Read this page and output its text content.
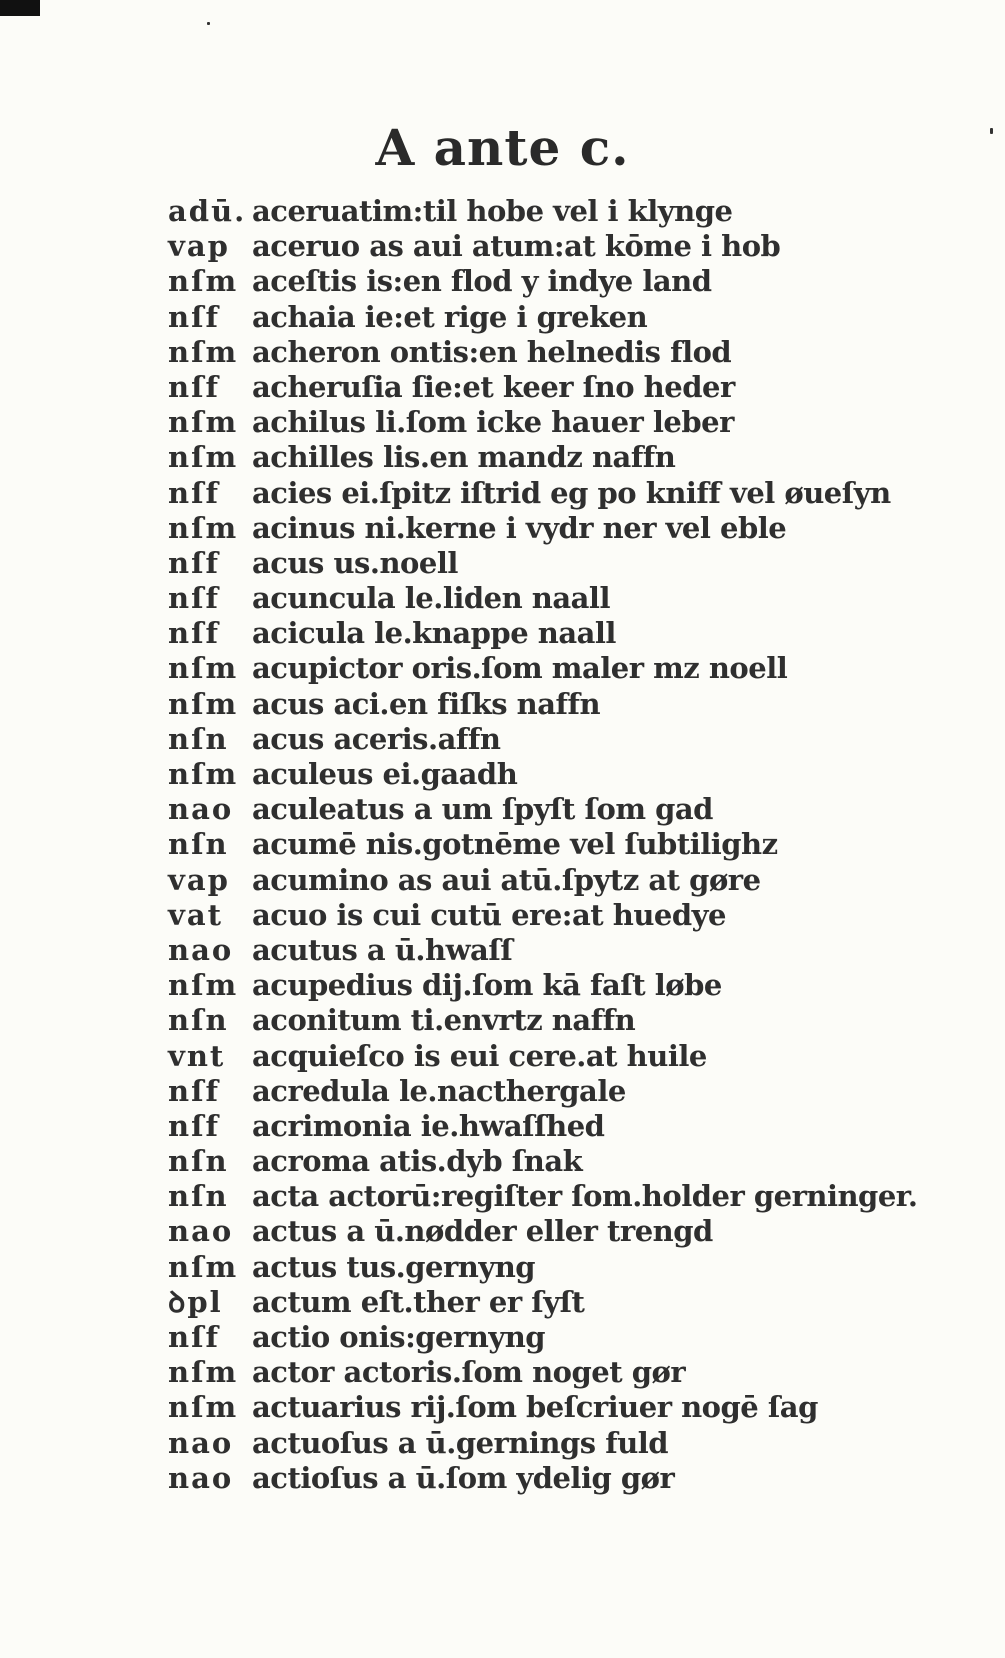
A ante c.
adū. aceruatim:til hobe vel i klynge
vap aceruo as aui atum:at kōme i hob
nſm aceſtis is:en flod y indye land
nſf	achaia ie:et rige i greken
nſm acheron ontis:en helnedis flod
nſf	acheruſia ſie:et keer ſno heder
nſm achilus li.ſom icke hauer leber
nſm achilles lis.en mandz naffn
nſf	acies ei.ſpitz iſtrid eg po kniff vel øueſyn
nſm acinus ni.kerne i vydr ner vel eble
nſf	acus us.noell
nſf	acuncula le.liden naall
nſf	acicula le.knappe naall
nſm acupictor oris.ſom maler mz noell
nſm acus aci.en fiſks naffn
nſn acus aceris.affn
nſm aculeus ei.gaadh
nao aculeatus a um ſpyſt ſom gad
nſn acumē nis.gotnēme vel ſubtilighz
vap acumino as aui atū.ſpytz at gøre
vat acuo is cui cutū ere:at huedye
nao acutus a ū.hwaſſ
nſm acupedius dij.ſom kā faſt løbe
nſn aconitum ti.envrtz naffn
vnt acquieſco is eui cere.at huile
nſf	acredula le.nacthergale
nſf	acrimonia ie.hwaſſhed
nſn acroma atis.dyb ſnak
nſn acta actorū:regiſter ſom.holder gerninger.
nao actus a ū.nødder eller trengd
nſm actus tus.gernyng
ꝺpl	actum eſt.ther er ſyſt
nſf	actio onis:gernyng
nſm actor actoris.ſom noget gør
nſm actuarius rij.ſom beſcriuer nogē ſag
nao actuoſus a ū.gernings fuld
nao actioſus a ū.ſom ydelig gør
